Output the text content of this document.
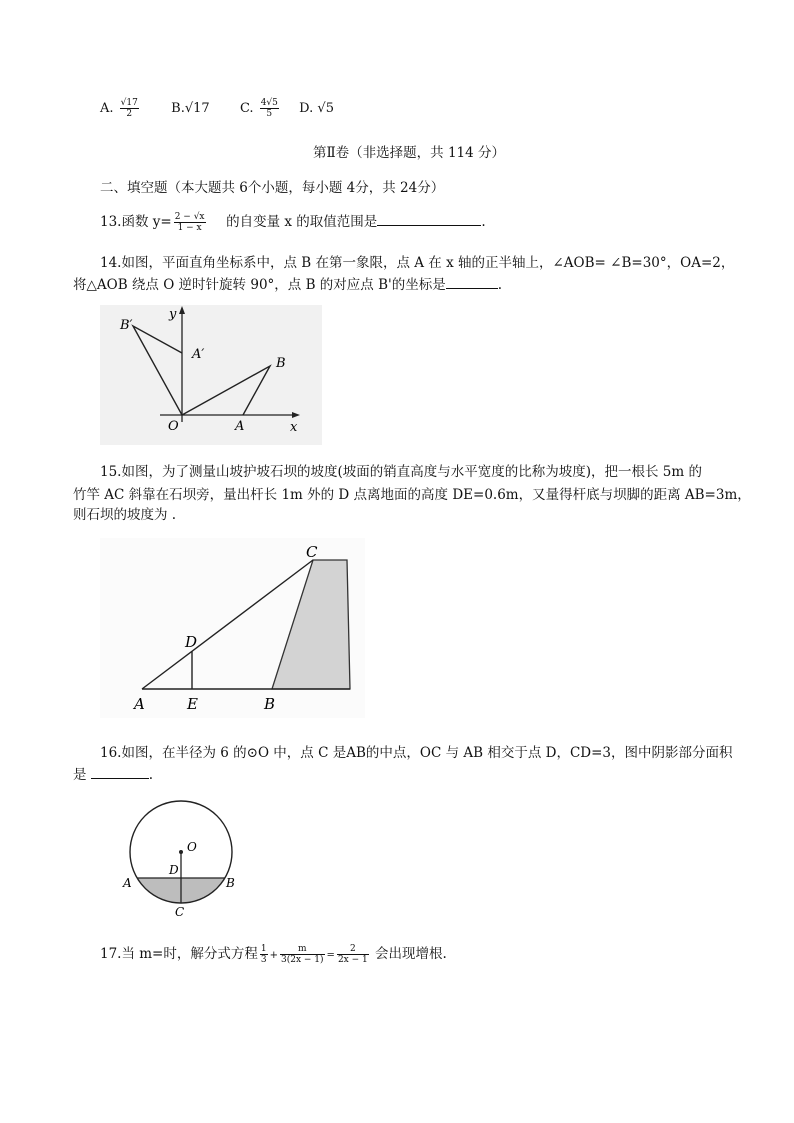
A. $\frac{√17}{2} B.√17$ C. $\frac{4√5}{5} D$. √5
第Ⅱ卷（非选择题，共 114 分）
二、填空题（本大题共 6个小题，每小题 4分，共 24分）
13.函数 $y= \frac{2 - √x}{1 - x}$ 的自变量 x 的取值范围是	.
14.如图，平面直角坐标系中，点 B 在第一象限，点 A 在 x 轴的正半轴上，∠AOB= ∠B=30°，OA=2，
将△AOB 绕点 O 逆时针旋转 90°，点 B 的对应点 B'的坐标是	.
B′
y
A′
B
O	A	x
15.如图，为了测量山坡护坡石坝的坡度(坡面的销直高度与水平宽度的比称为坡度)，把一根长 5m 的
竹竿 AC 斜靠在石坝旁，量出杆长 1m 外的 D 点离地面的高度 DE=0.6m，又量得杆底与坝脚的距离 AB=3m，
则石坝的坡度为 .
C
D
A	E	B
16.如图，在半径为 6 的⊙O 中，点 C 是AB的中点，OC 与 AB 相交于点 D，CD=3，图中阴影部分面积
是	.
O
D
A	B
C
17.当 m=时，解分式方程 $\frac{1}{3} + \frac{m}{3(2x - 1)} = \frac{2}{2x - 1}$ 会出现增根.
